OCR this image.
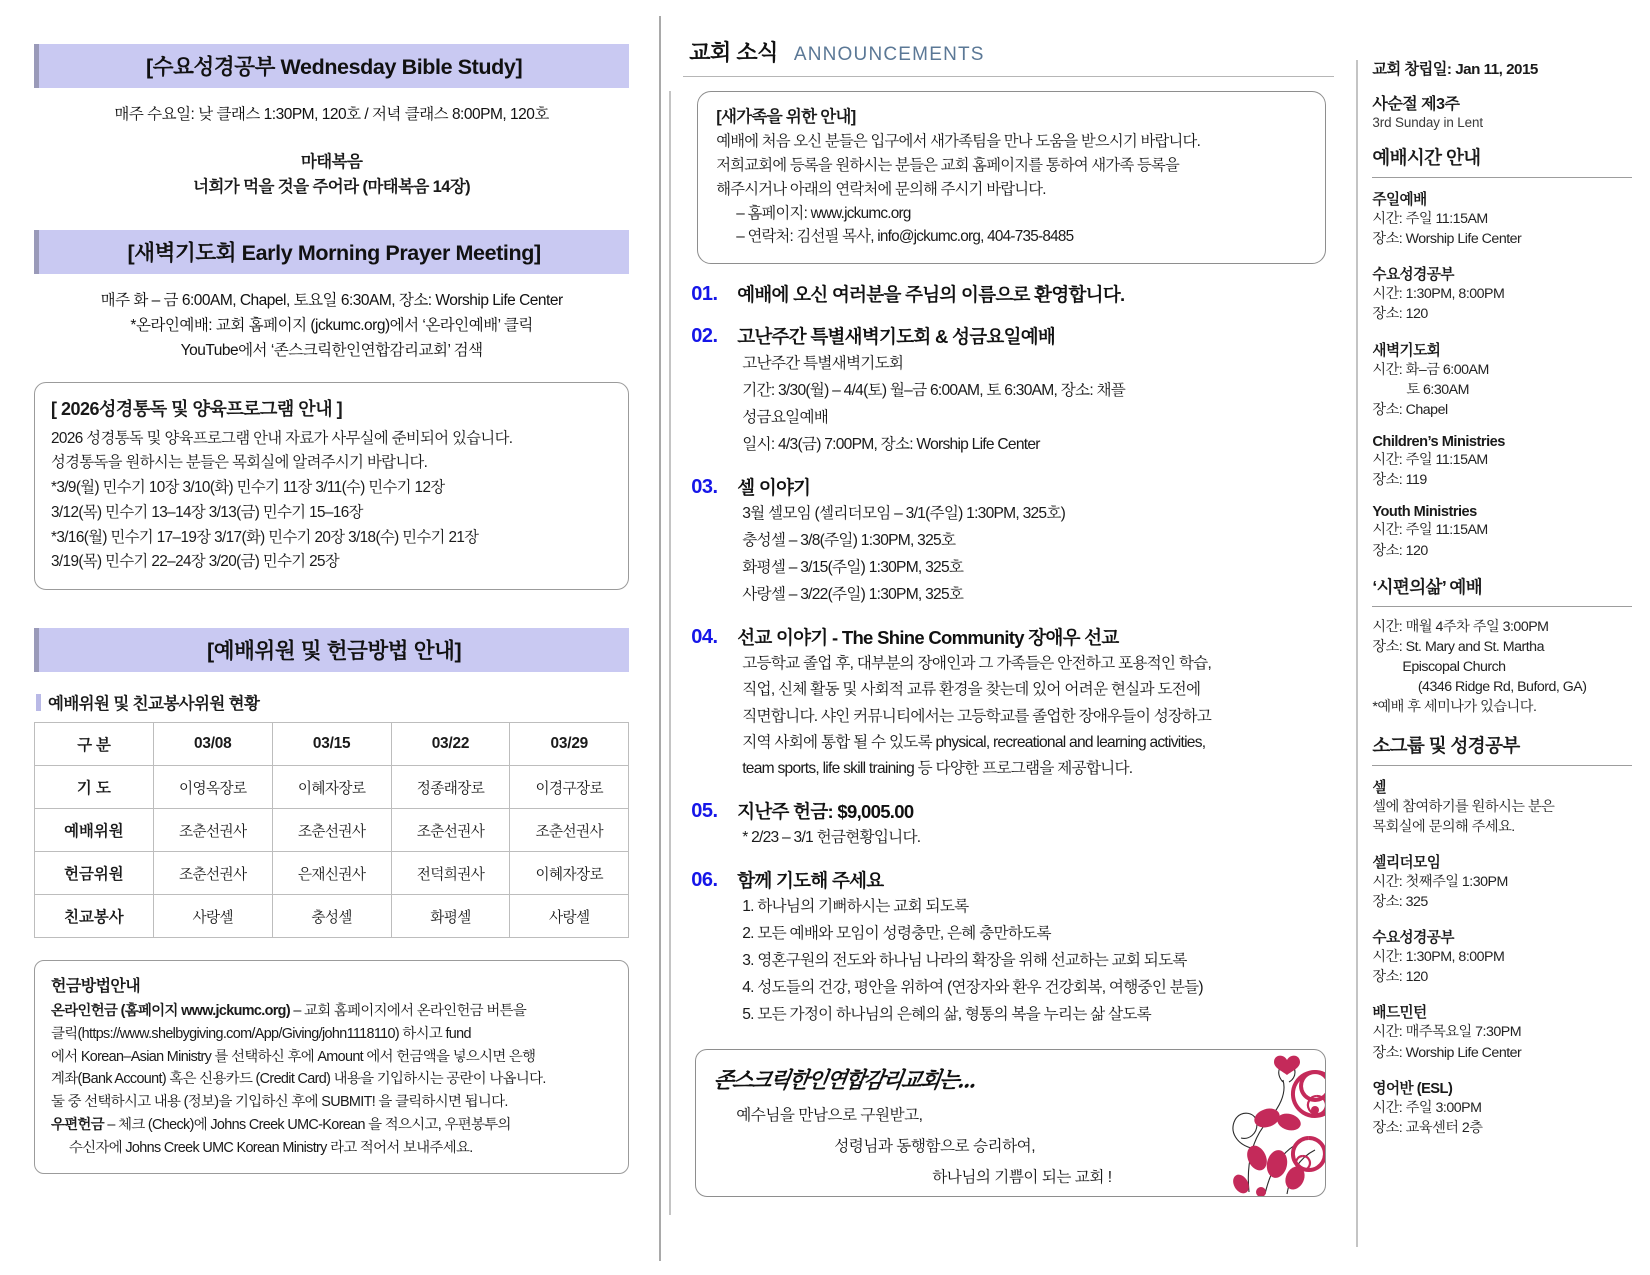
[수요성경공부 Wednesday Bible Study]
매주 수요일: 낮 클래스 1:30PM, 120호 / 저녁 클래스 8:00PM, 120호
마태복음
너희가 먹을 것을 주어라 (마태복음 14장)
[새벽기도회 Early Morning Prayer Meeting]
매주 화 – 금 6:00AM, Chapel, 토요일 6:30AM, 장소: Worship Life Center
*온라인예배: 교회 홈페이지 (jckumc.org)에서 ‘온라인예배’ 클릭
YouTube에서 ‘존스크릭한인연합감리교회’ 검색
[ 2026성경통독 및 양육프로그램 안내 ]
2026 성경통독 및 양육프로그램 안내 자료가 사무실에 준비되어 있습니다.
성경통독을 원하시는 분들은 목회실에 알려주시기 바랍니다.
*3/9(월) 민수기 10장 3/10(화) 민수기 11장 3/11(수) 민수기 12장
3/12(목) 민수기 13–14장 3/13(금) 민수기 15–16장
*3/16(월) 민수기 17–19장 3/17(화) 민수기 20장 3/18(수) 민수기 21장
3/19(목) 민수기 22–24장 3/20(금) 민수기 25장
[예배위원 및 헌금방법 안내]
예배위원 및 친교봉사위원 현황
구 분	03/08	03/15	03/22	03/29
기 도	이영옥장로	이혜자장로	정종래장로	이경구장로
예배위원	조춘선권사	조춘선권사	조춘선권사	조춘선권사
헌금위원	조춘선권사	은재신권사	전덕희권사	이혜자장로
친교봉사	사랑셀	충성셀	화평셀	사랑셀
헌금방법안내

온라인헌금 (홈페이지 www.jckumc.org) – 교회 홈페이지에서 온라인헌금 버튼을

클릭(https://www.shelbygiving.com/App/Giving/john1118110) 하시고 fund

에서 Korean–Asian Ministry 를 선택하신 후에 Amount 에서 헌금액을 넣으시면 은행

계좌(Bank Account) 혹은 신용카드 (Credit Card) 내용을 기입하시는 공란이 나옵니다.

둘 중 선택하시고 내용 (정보)을 기입하신 후에 SUBMIT! 을 클릭하시면 됩니다.

우편헌금 – 체크 (Check)에 Johns Creek UMC-Korean 을 적으시고, 우편봉투의

수신자에 Johns Creek UMC Korean Ministry 라고 적어서 보내주세요.

교회 소식 ANNOUNCEMENTS
[새가족을 위한 안내]
예배에 처음 오신 분들은 입구에서 새가족팀을 만나 도움을 받으시기 바랍니다.
저희교회에 등록을 원하시는 분들은 교회 홈페이지를 통하여 새가족 등록을
해주시거나 아래의 연락처에 문의해 주시기 바랍니다.
– 홈페이지: www.jckumc.org
– 연락처: 김선필 목사, info@jckumc.org, 404-735-8485
01.	예배에 오신 여러분을 주님의 이름으로 환영합니다.
02.	고난주간 특별새벽기도회 & 성금요일예배
고난주간 특별새벽기도회
기간: 3/30(월) – 4/4(토) 월–금 6:00AM, 토 6:30AM, 장소: 채플
성금요일예배
일시: 4/3(금) 7:00PM, 장소: Worship Life Center
03.	셀 이야기
3월 셀모임 (셀리더모임 – 3/1(주일) 1:30PM, 325호)
충성셀 – 3/8(주일) 1:30PM, 325호
화평셀 – 3/15(주일) 1:30PM, 325호
사랑셀 – 3/22(주일) 1:30PM, 325호
04.	선교 이야기 - The Shine Community 장애우 선교
고등학교 졸업 후, 대부분의 장애인과 그 가족들은 안전하고 포용적인 학습,
직업, 신체 활동 및 사회적 교류 환경을 찾는데 있어 어려운 현실과 도전에
직면합니다. 샤인 커뮤니티에서는 고등학교를 졸업한 장애우들이 성장하고
지역 사회에 통합 될 수 있도록 physical, recreational and learning activities,
team sports, life skill training 등 다양한 프로그램을 제공합니다.
05.	지난주 헌금: $9,005.00
* 2/23 – 3/1 헌금현황입니다.
06.	함께 기도해 주세요
1. 하나님의 기뻐하시는 교회 되도록
2. 모든 예배와 모임이 성령충만, 은혜 충만하도록
3. 영혼구원의 전도와 하나님 나라의 확장을 위해 선교하는 교회 되도록
4. 성도들의 건강, 평안을 위하여 (연장자와 환우 건강회복, 여행중인 분들)
5. 모든 가정이 하나님의 은혜의 삶, 형통의 복을 누리는 삶 살도록
존스크릭한인연합감리교회는...
예수님을 만남으로 구원받고,
성령님과 동행함으로 승리하여,
하나님의 기쁨이 되는 교회 !
교회 창립일: Jan 11, 2015
사순절 제3주
3rd Sunday in Lent
예배시간 안내
주일예배
시간: 주일 11:15AM
장소: Worship Life Center
수요성경공부
시간: 1:30PM, 8:00PM
장소: 120
새벽기도회
시간: 화–금 6:00AM
토 6:30AM
장소: Chapel
Children’s Ministries
시간: 주일 11:15AM
장소: 119
Youth Ministries
시간: 주일 11:15AM
장소: 120
‘시편의삶’ 예배
시간: 매월 4주차 주일 3:00PM
장소: St. Mary and St. Martha
Episcopal Church
(4346 Ridge Rd, Buford, GA)
*예배 후 세미나가 있습니다.
소그룹 및 성경공부
셀
셀에 참여하기를 원하시는 분은
목회실에 문의해 주세요.
셀리더모임
시간: 첫째주일 1:30PM
장소: 325
수요성경공부
시간: 1:30PM, 8:00PM
장소: 120
배드민턴
시간: 매주목요일 7:30PM
장소: Worship Life Center
영어반 (ESL)
시간: 주일 3:00PM
장소: 교육센터 2층
